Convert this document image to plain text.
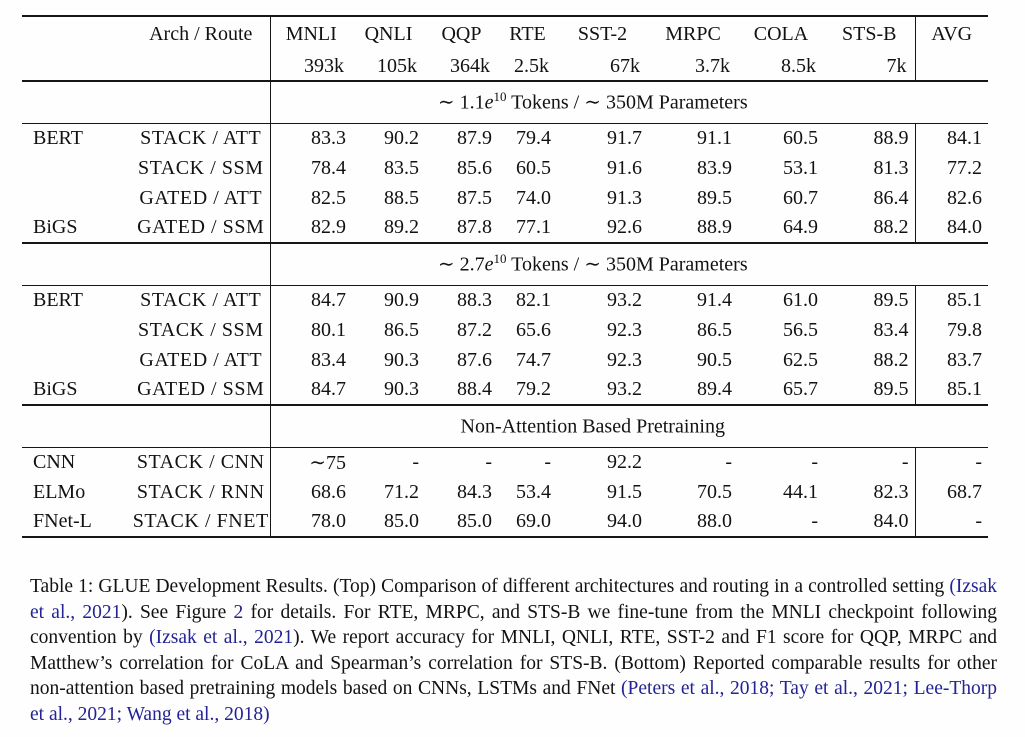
	Arch / Route	MNLI	QNLI	QQP	RTE	SST-2	MRPC	COLA	STS-B	AVG
		393k	105k	364k	2.5k	67k	3.7k	8.5k	7k	
		∼ $1.1e^{10}$ Tokens / ∼ 350M Parameters								
BERT	STACK / ATT	83.3	90.2	87.9	79.4	91.7	91.1	60.5	88.9	84.1
	STACK / SSM	78.4	83.5	85.6	60.5	91.6	83.9	53.1	81.3	77.2
	GATED / ATT	82.5	88.5	87.5	74.0	91.3	89.5	60.7	86.4	82.6
BiGS	GATED / SSM	82.9	89.2	87.8	77.1	92.6	88.9	64.9	88.2	84.0
		∼ $2.7e^{10}$ Tokens / ∼ 350M Parameters								
BERT	STACK / ATT	84.7	90.9	88.3	82.1	93.2	91.4	61.0	89.5	85.1
	STACK / SSM	80.1	86.5	87.2	65.6	92.3	86.5	56.5	83.4	79.8
	GATED / ATT	83.4	90.3	87.6	74.7	92.3	90.5	62.5	88.2	83.7
BiGS	GATED / SSM	84.7	90.3	88.4	79.2	93.2	89.4	65.7	89.5	85.1
		Non-Attention Based Pretraining								
CNN	STACK / CNN	∼75	-	-	-	92.2	-	-	-	-
ELMo	STACK / RNN	68.6	71.2	84.3	53.4	91.5	70.5	44.1	82.3	68.7
FNet-L	STACK / FNET	78.0	85.0	85.0	69.0	94.0	88.0	-	84.0	-
Table 1: GLUE Development Results. (Top) Comparison of different architectures and routing in a controlled setting (Izsak et al., 2021). See Figure 2 for details. For RTE, MRPC, and STS-B we fine-tune from the MNLI checkpoint following convention by (Izsak et al., 2021). We report accuracy for MNLI, QNLI, RTE, SST-2 and F1 score for QQP, MRPC and Matthew’s correlation for CoLA and Spearman’s correlation for STS-B. (Bottom) Reported comparable results for other non-attention based pretraining models based on CNNs, LSTMs and FNet (Peters et al., 2018; Tay et al., 2021; Lee-Thorp et al., 2021; Wang et al., 2018)
